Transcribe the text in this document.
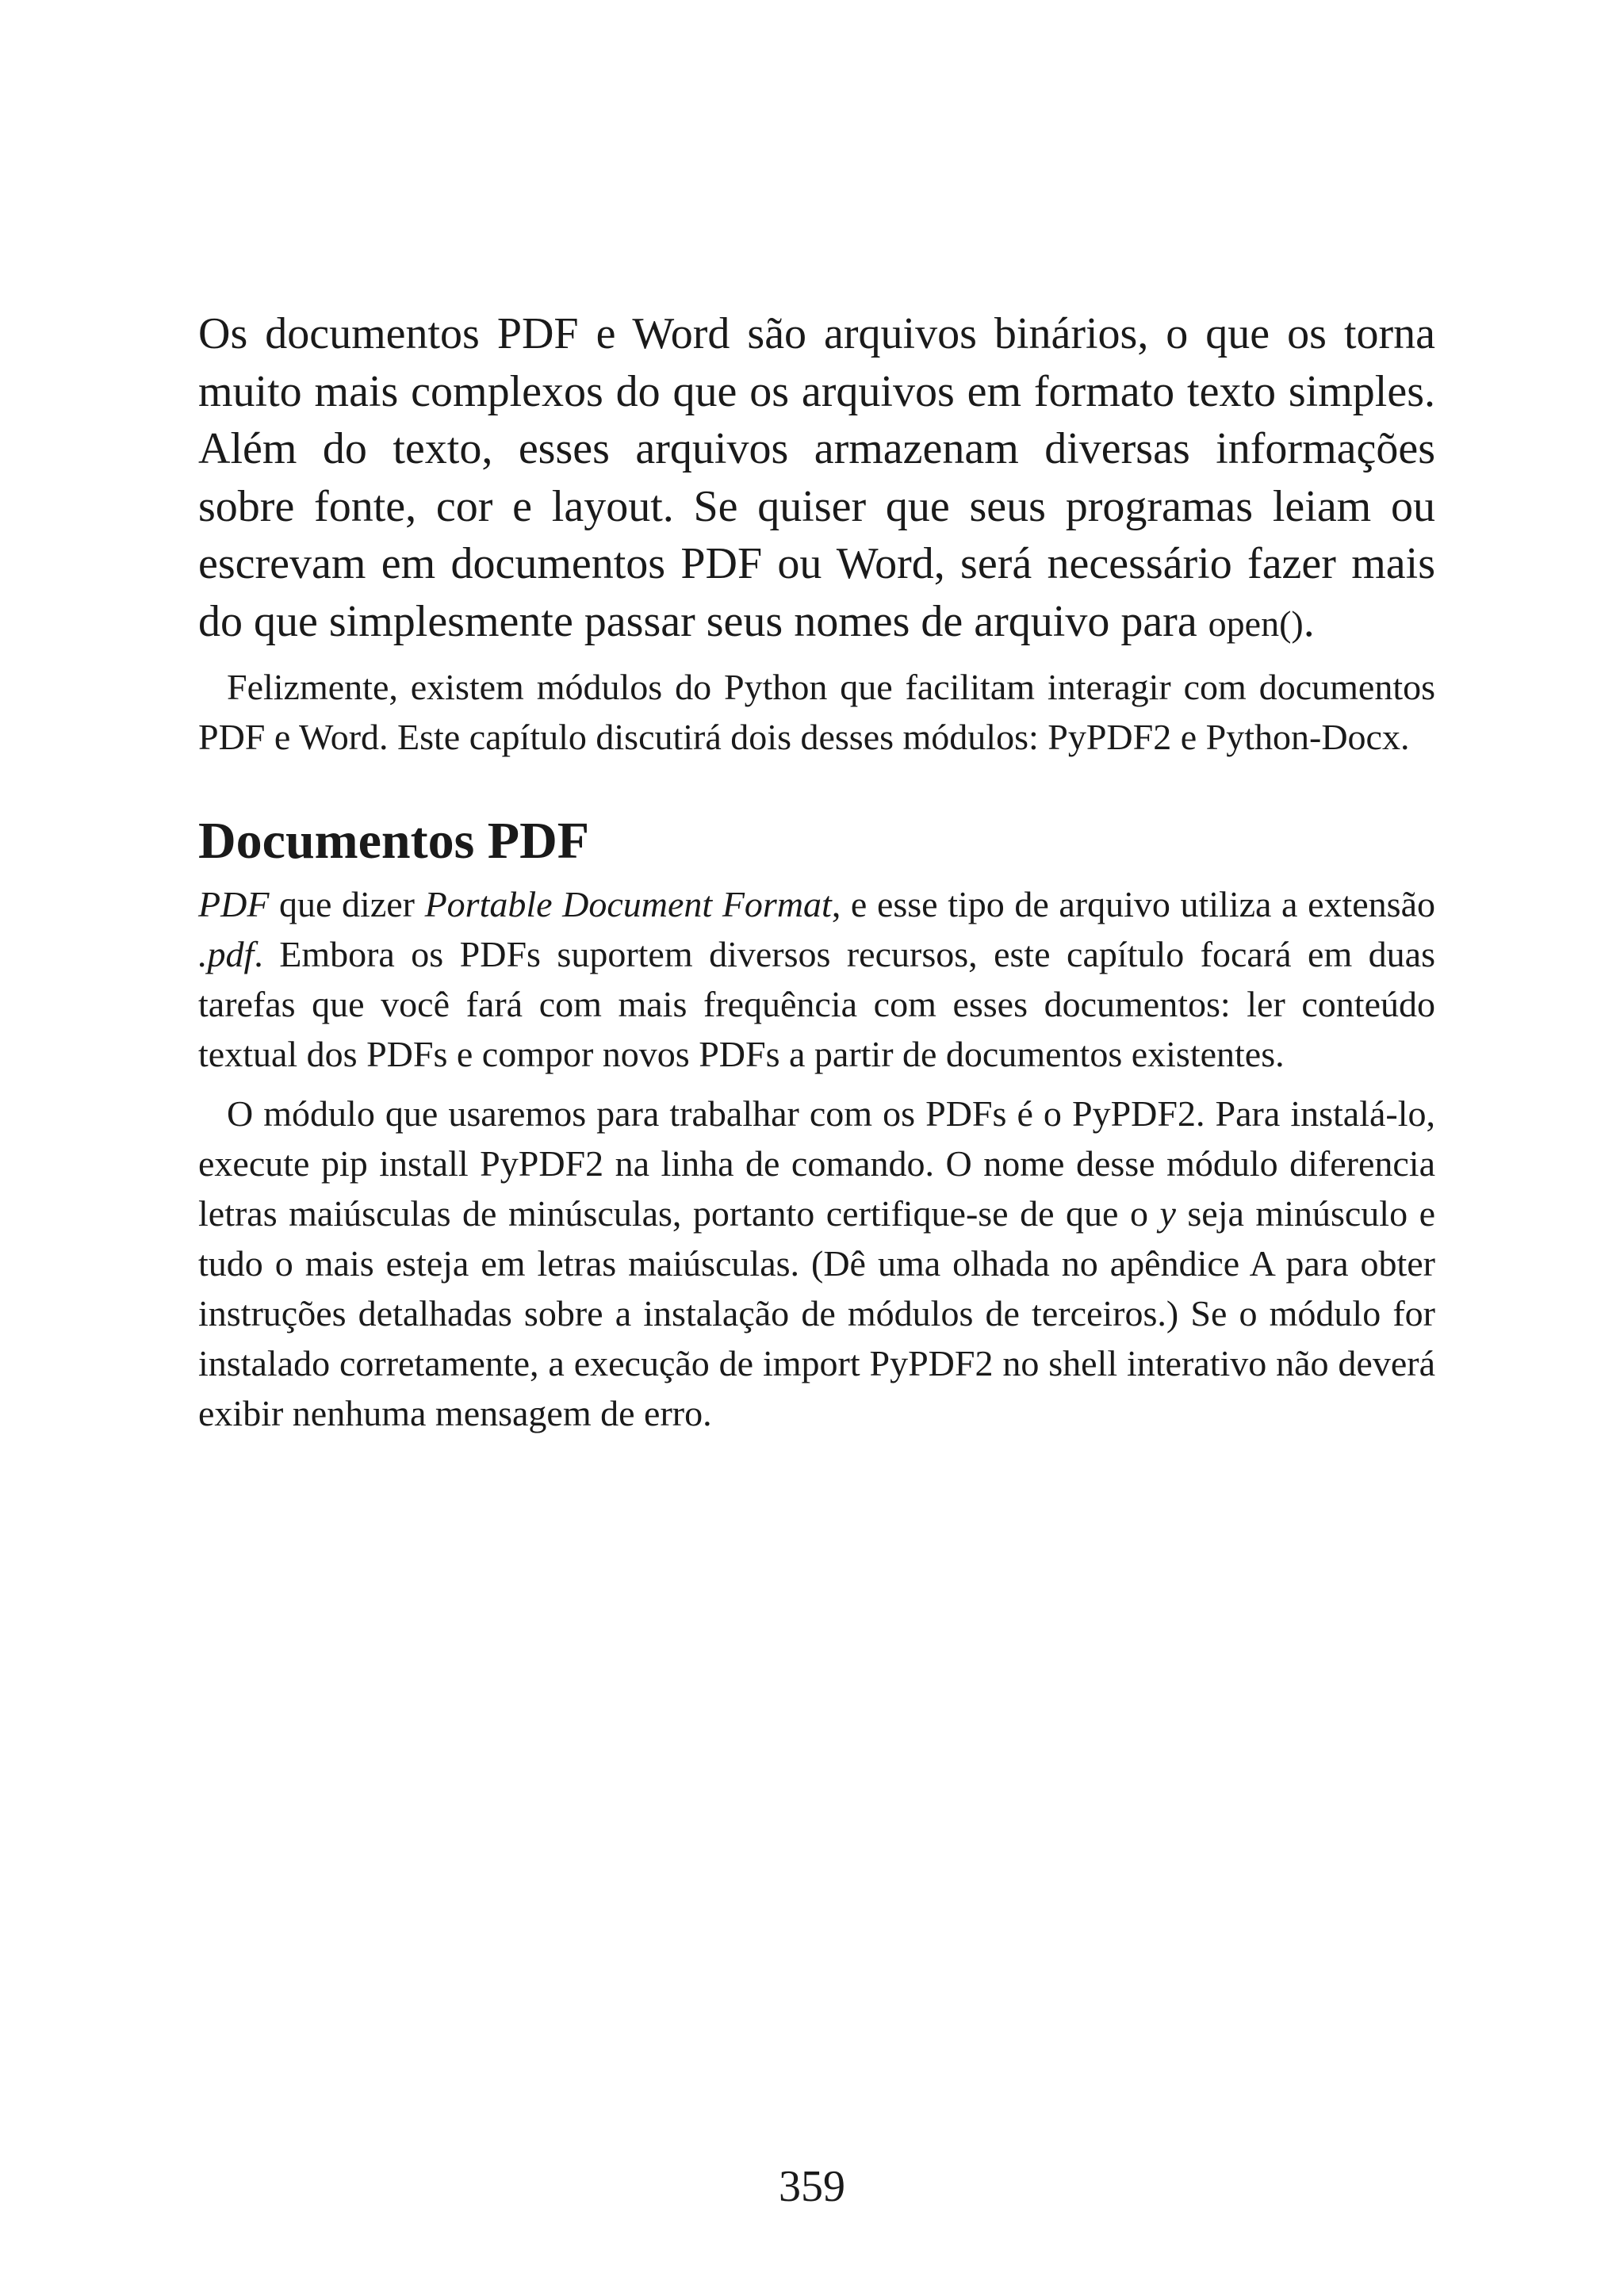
Os documentos PDF e Word são arquivos binários, o que os torna muito mais complexos do que os arquivos em formato texto simples. Além do texto, esses arquivos armazenam diversas informações sobre fonte, cor e layout. Se quiser que seus programas leiam ou escrevam em documentos PDF ou Word, será necessário fazer mais do que simplesmente passar seus nomes de arquivo para open().

Felizmente, existem módulos do Python que facilitam interagir com documentos PDF e Word. Este capítulo discutirá dois desses módulos: PyPDF2 e Python-Docx.

Documentos PDF

PDF que dizer Portable Document Format, e esse tipo de arquivo utiliza a extensão .pdf. Embora os PDFs suportem diversos recursos, este capítulo focará em duas tarefas que você fará com mais frequência com esses documentos: ler conteúdo textual dos PDFs e compor novos PDFs a partir de documentos existentes.

O módulo que usaremos para trabalhar com os PDFs é o PyPDF2. Para instalá-lo, execute pip install PyPDF2 na linha de comando. O nome desse módulo diferencia letras maiúsculas de minúsculas, portanto certifique-se de que o y seja minúsculo e tudo o mais esteja em letras maiúsculas. (Dê uma olhada no apêndice A para obter instruções detalhadas sobre a instalação de módulos de terceiros.) Se o módulo for instalado corretamente, a execução de import PyPDF2 no shell interativo não deverá exibir nenhuma mensagem de erro.

359
